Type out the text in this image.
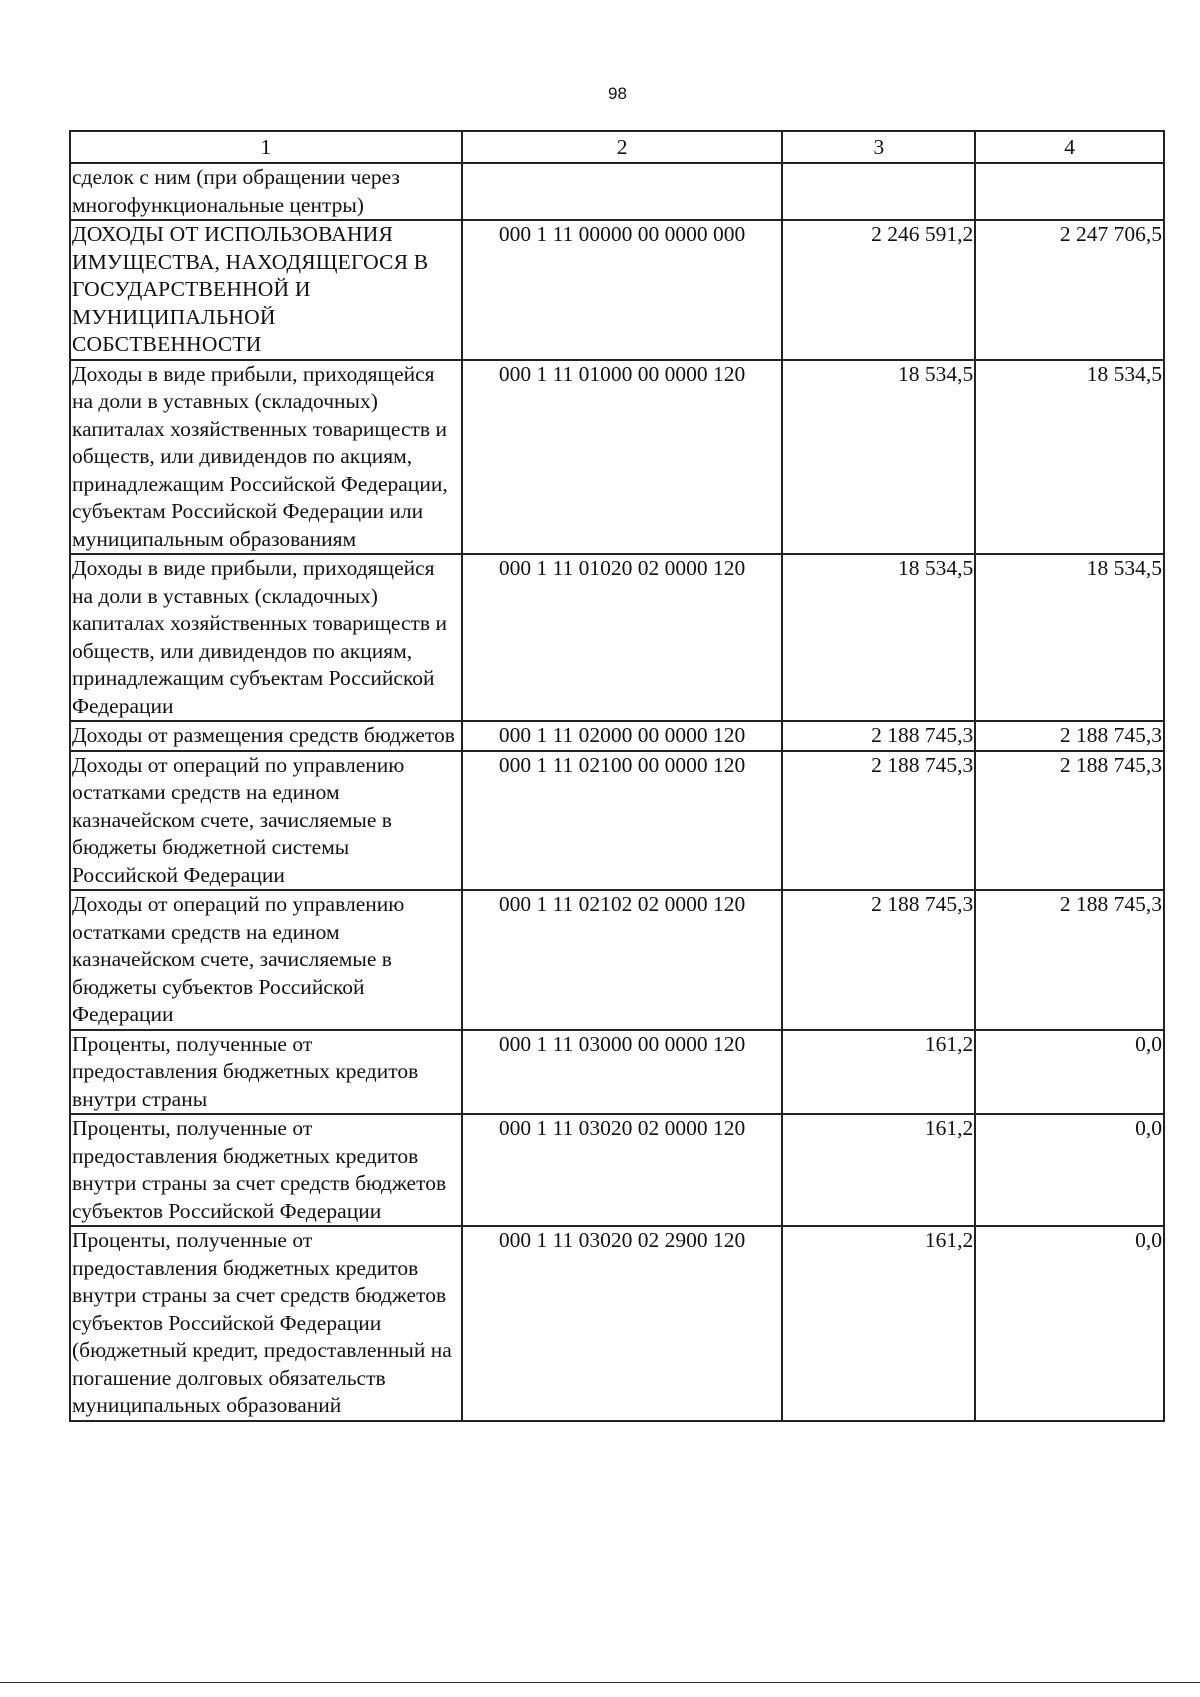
98
1	2	3	4
сделок с ним (при обращении через многофункциональные центры)			
ДОХОДЫ ОТ ИСПОЛЬЗОВАНИЯ ИМУЩЕСТВА, НАХОДЯЩЕГОСЯ В ГОСУДАРСТВЕННОЙ И МУНИЦИПАЛЬНОЙ СОБСТВЕННОСТИ	000 1 11 00000 00 0000 000	2 246 591,2	2 247 706,5
Доходы в виде прибыли, приходящейся на доли в уставных (складочных) капиталах хозяйственных товариществ и обществ, или дивидендов по акциям, принадлежащим Российской Федерации, субъектам Российской Федерации или муниципальным образованиям	000 1 11 01000 00 0000 120	18 534,5	18 534,5
Доходы в виде прибыли, приходящейся на доли в уставных (складочных) капиталах хозяйственных товариществ и обществ, или дивидендов по акциям, принадлежащим субъектам Российской Федерации	000 1 11 01020 02 0000 120	18 534,5	18 534,5
Доходы от размещения средств бюджетов	000 1 11 02000 00 0000 120	2 188 745,3	2 188 745,3
Доходы от операций по управлению остатками средств на едином казначейском счете, зачисляемые в бюджеты бюджетной системы Российской Федерации	000 1 11 02100 00 0000 120	2 188 745,3	2 188 745,3
Доходы от операций по управлению остатками средств на едином казначейском счете, зачисляемые в бюджеты субъектов Российской Федерации	000 1 11 02102 02 0000 120	2 188 745,3	2 188 745,3
Проценты, полученные от предоставления бюджетных кредитов внутри страны	000 1 11 03000 00 0000 120	161,2	0,0
Проценты, полученные от предоставления бюджетных кредитов внутри страны за счет средств бюджетов субъектов Российской Федерации	000 1 11 03020 02 0000 120	161,2	0,0
Проценты, полученные от предоставления бюджетных кредитов внутри страны за счет средств бюджетов субъектов Российской Федерации (бюджетный кредит, предоставленный на погашение долговых обязательств муниципальных образований	000 1 11 03020 02 2900 120	161,2	0,0
